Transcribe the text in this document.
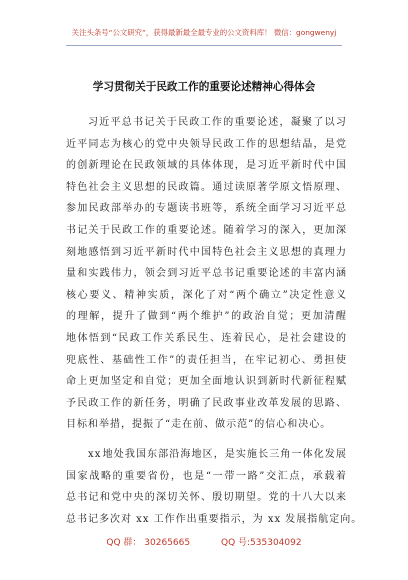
关注头条号“公文研究”，获得最新最全最专业的公文资料库！ 微信：gongwenyj
学习贯彻关于民政工作的重要论述精神心得体会
习 近 平 总 书 记 关 于 民 政 工 作 的 重 要 论 述 ， 凝 聚 了 以 习
近 平 同 志 为 核 心 的 党 中 央 领 导 民 政 工 作 的 思 想 结 晶 ， 是 党
的 创 新 理 论 在 民 政 领 域 的 具 体 体 现 ， 是 习 近 平 新 时 代 中 国
特 色 社 会 主 义 思 想 的 民 政 篇 。 通 过 读 原 著 学 原 文 悟 原 理 、
参 加 民 政 部 举 办 的 专 题 读 书 班 等 ， 系 统 全 面 学 习 习 近 平 总
书 记 关 于 民 政 工 作 的 重 要 论 述 。 随 着 学 习 的 深 入 ， 更 加 深
刻 地 感 悟 到 习 近 平 新 时 代 中 国 特 色 社 会 主 义 思 想 的 真 理 力
量 和 实 践 伟 力 ， 领 会 到 习 近 平 总 书 记 重 要 论 述 的 丰 富 内 涵
核 心 要 义 、 精 神 实 质 ， 深 化 了 对 “ 两 个 确 立 ” 决 定 性 意 义
的 理 解 ， 提 升 了 做 到 “ 两 个 维 护 ” 的 政 治 自 觉 ； 更 加 清 醒
地 体 悟 到 “ 民 政 工 作 关 系 民 生 、 连 着 民 心 ， 是 社 会 建 设 的
兜 底 性 、 基 础 性 工 作 ” 的 责 任 担 当 ， 在 牢 记 初 心 、 勇 担 使
命 上 更 加 坚 定 和 自 觉 ； 更 加 全 面 地 认 识 到 新 时 代 新 征 程 赋
予 民 政 工 作 的 新 任 务 ， 明 确 了 民 政 事 业 改 革 发 展 的 思 路 、
目标和举措，提振了“走在前、做示范”的信心和决心。
x x 地 处 我 国 东 部 沿 海 地 区 ， 是 实 施 长 三 角 一 体 化 发 展
国 家 战 略 的 重 要 省 份 ， 也 是 “ 一 带 一 路 ” 交 汇 点 ， 承 载 着
总 书 记 和 党 中 央 的 深 切 关 怀 、 殷 切 期 望 。 党 的 十 八 大 以 来
总书记多次对 xx 工作作出重要指示，为 xx 发展指航定向。
QQ 群： 30265665	QQ 号:535304092
